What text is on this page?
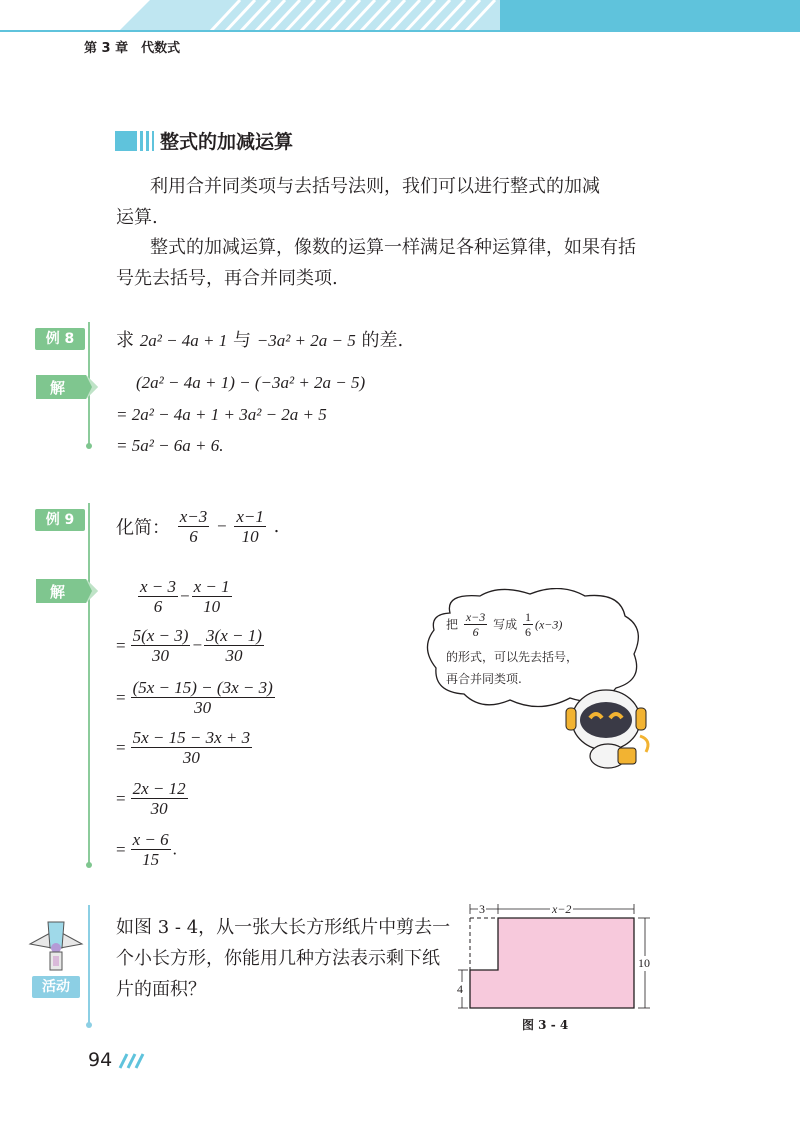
第 3 章　代数式
整式的加减运算
利用合并同类项与去括号法则，我们可以进行整式的加减
运算.
整式的加减运算，像数的运算一样满足各种运算律，如果有括
号先去括号，再合并同类项.
例 8	求 2a² − 4a + 1 与 −3a² + 2a − 5 的差.
解	(2a² − 4a + 1) − (−3a² + 2a − 5)
= 2a² − 4a + 1 + 3a² − 2a + 5
= 5a² − 6a + 6.
例 9	化简： $\frac{x-3}{6} - \frac{x-1}{10}$ .
解	$\frac{x - 3}{6} - \frac{x - 1}{10}$
= $\frac{5(x - 3)}{30} - \frac{3(x - 1)}{30}$
= $\frac{(5x - 15) - (3x - 3)}{30}$
= $\frac{5x - 15 - 3x + 3}{30}$
= $\frac{2x - 12}{30}$
= $\frac{x - 6}{15}$ .
把 $\frac{x-3}{6}$ 写成 $\frac{1}{6} (x-3)$
的形式，可以先去括号，
再合并同类项.
活动
如图 3 - 4，从一张大长方形纸片中剪去一
个小长方形，你能用几种方法表示剩下纸
片的面积？
3	x−2
10
4
图 3 - 4
94
